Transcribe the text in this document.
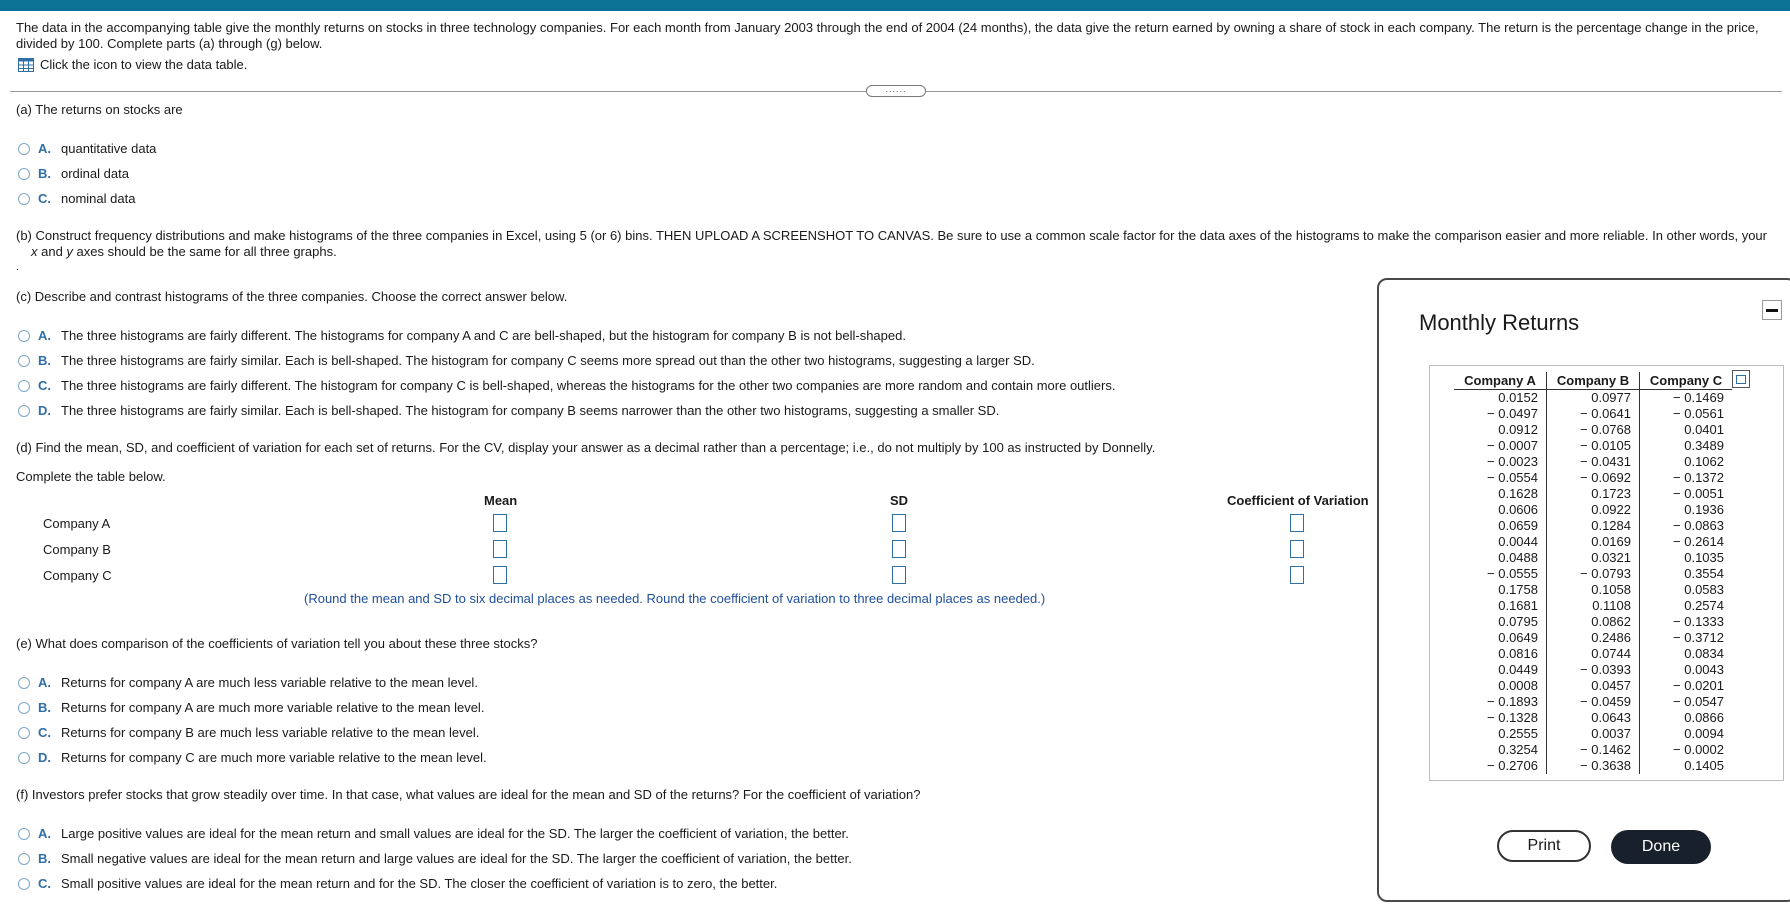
The data in the accompanying table give the monthly returns on stocks in three technology companies. For each month from January 2003 through the end of 2004 (24 months), the data give the return earned by owning a share of stock in each company. The return is the percentage change in the price, divided by 100. Complete parts (a) through (g) below.
Click the icon to view the data table.
......
(a) The returns on stocks are
A. quantitative data
B. ordinal data
C. nominal data
(b) Construct frequency distributions and make histograms of the three companies in Excel, using 5 (or 6) bins. THEN UPLOAD A SCREENSHOT TO CANVAS. Be sure to use a common scale factor for the data axes of the histograms to make the comparison easier and more reliable. In other words, your
x and y axes should be the same for all three graphs.
.
(c) Describe and contrast histograms of the three companies. Choose the correct answer below.
A. The three histograms are fairly different. The histograms for company A and C are bell-shaped, but the histogram for company B is not bell-shaped.
B. The three histograms are fairly similar. Each is bell-shaped. The histogram for company C seems more spread out than the other two histograms, suggesting a larger SD.
C. The three histograms are fairly different. The histogram for company C is bell-shaped, whereas the histograms for the other two companies are more random and contain more outliers.
D. The three histograms are fairly similar. Each is bell-shaped. The histogram for company B seems narrower than the other two histograms, suggesting a smaller SD.
(d) Find the mean, SD, and coefficient of variation for each set of returns. For the CV, display your answer as a decimal rather than a percentage; i.e., do not multiply by 100 as instructed by Donnelly.
Complete the table below.
Mean	SD	Coefficient of Variation
Company A
Company B
Company C
(Round the mean and SD to six decimal places as needed. Round the coefficient of variation to three decimal places as needed.)
(e) What does comparison of the coefficients of variation tell you about these three stocks?
A. Returns for company A are much less variable relative to the mean level.
B. Returns for company A are much more variable relative to the mean level.
C. Returns for company B are much less variable relative to the mean level.
D. Returns for company C are much more variable relative to the mean level.
(f) Investors prefer stocks that grow steadily over time. In that case, what values are ideal for the mean and SD of the returns? For the coefficient of variation?
A. Large positive values are ideal for the mean return and small values are ideal for the SD. The larger the coefficient of variation, the better.
B. Small negative values are ideal for the mean return and large values are ideal for the SD. The larger the coefficient of variation, the better.
C. Small positive values are ideal for the mean return and for the SD. The closer the coefficient of variation is to zero, the better.
Monthly Returns
Company A	Company B	Company C
0.0152	0.0977	− 0.1469
− 0.0497	− 0.0641	− 0.0561
0.0912	− 0.0768	0.0401
− 0.0007	− 0.0105	0.3489
− 0.0023	− 0.0431	0.1062
− 0.0554	− 0.0692	− 0.1372
0.1628	0.1723	− 0.0051
0.0606	0.0922	0.1936
0.0659	0.1284	− 0.0863
0.0044	0.0169	− 0.2614
0.0488	0.0321	0.1035
− 0.0555	− 0.0793	0.3554
0.1758	0.1058	0.0583
0.1681	0.1108	0.2574
0.0795	0.0862	− 0.1333
0.0649	0.2486	− 0.3712
0.0816	0.0744	0.0834
0.0449	− 0.0393	0.0043
0.0008	0.0457	− 0.0201
− 0.1893	− 0.0459	− 0.0547
− 0.1328	0.0643	0.0866
0.2555	0.0037	0.0094
0.3254	− 0.1462	− 0.0002
− 0.2706	− 0.3638	0.1405
Print	Done
